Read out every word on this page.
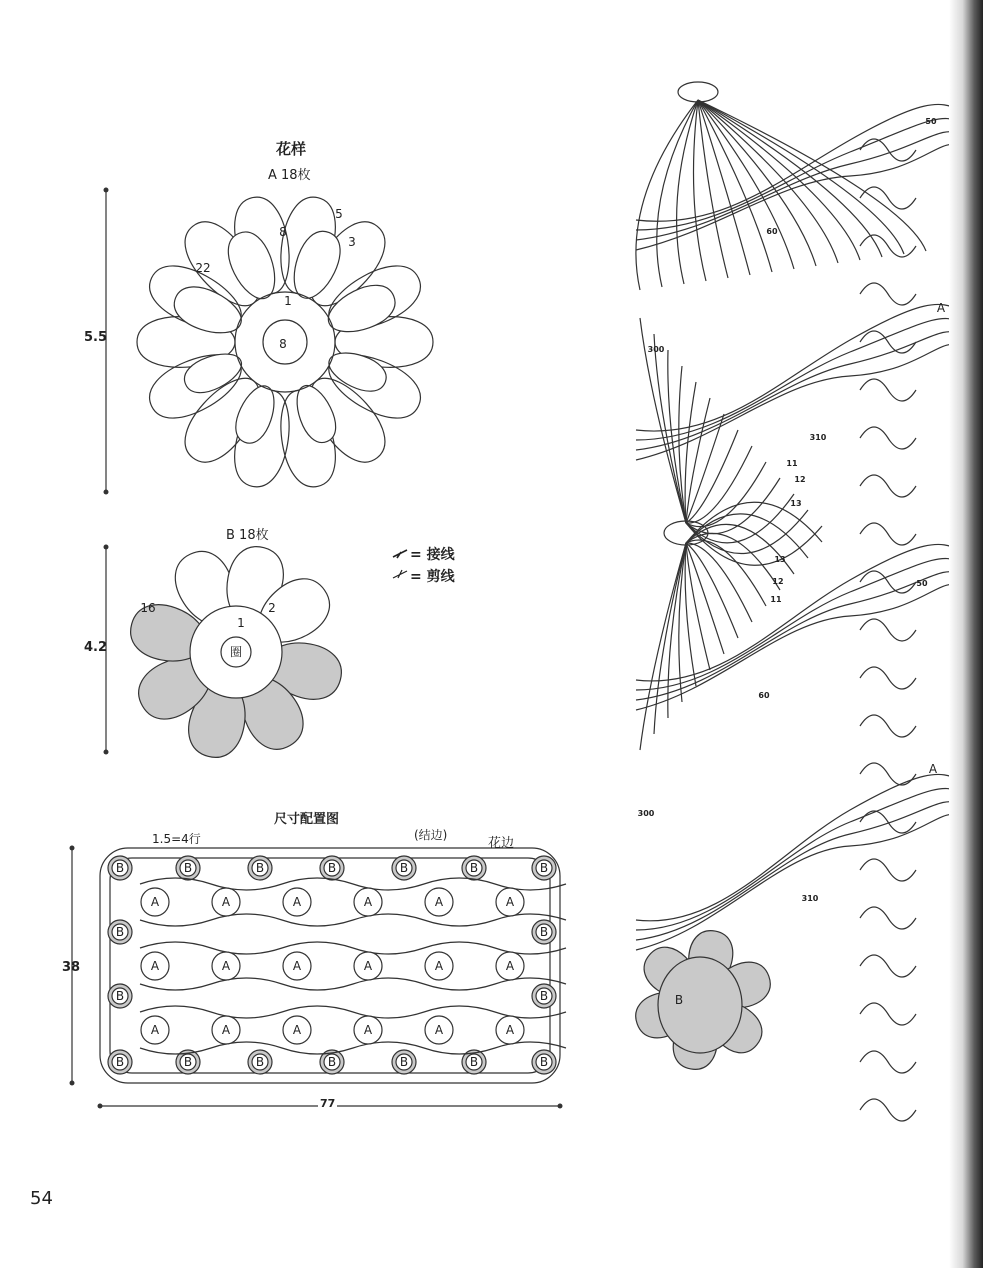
8
22
8
5
3
1
圈
16
1
2
B
B
B
B
B
B
B
B
B
B
B
B
B
B
B
B
B
B
A	A	A	A	A	A
A	A	A	A	A	A
A	A	A	A	A	A
50
60
300
310
11
12
13
13
12
11
50
60
300
310
A
A
B
花样
A 18枚
5.5
B 18枚
4.2
= 接线
= 剪线
尺寸配置图
1.5=4行	(结边)
花边
38
77
54
